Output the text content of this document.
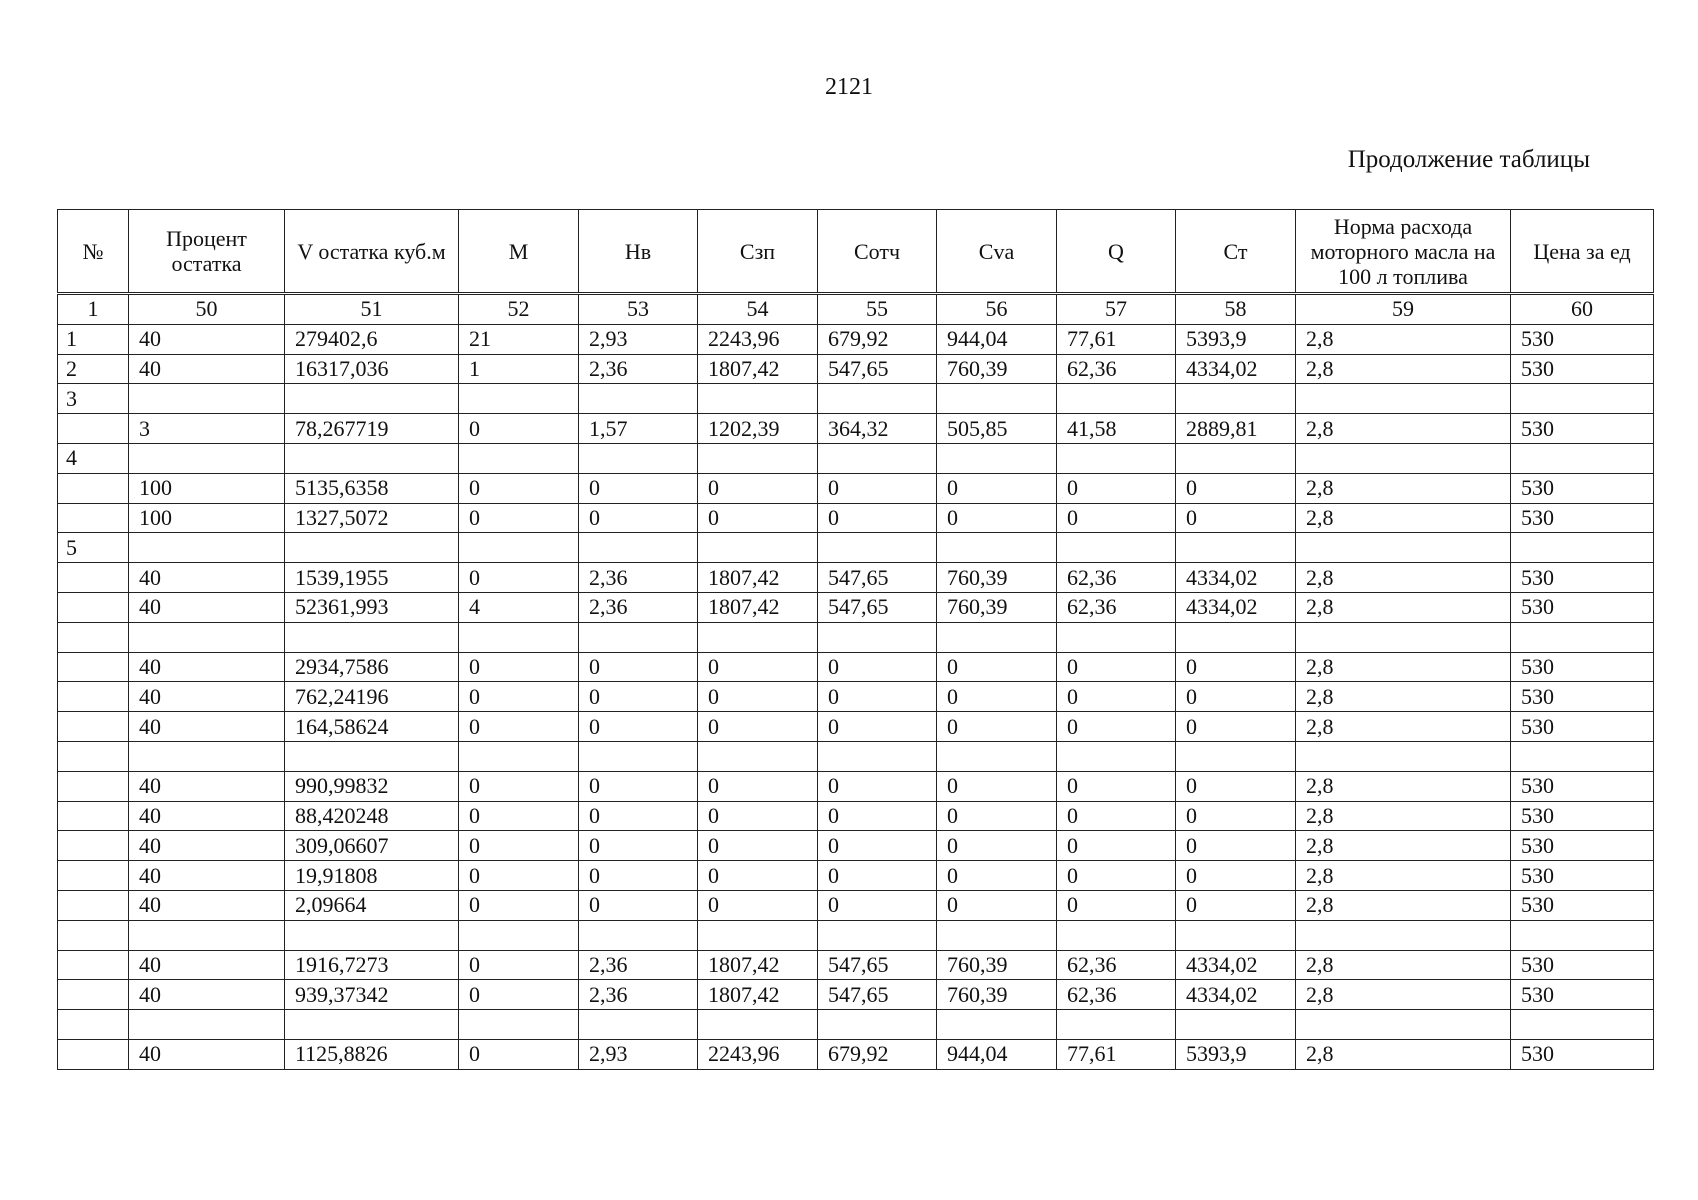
2121
Продолжение таблицы
№	Процент остатка	V остатка куб.м	М	Нв	Сзп	Сотч	Сvа	Q	Ст	Норма расхода моторного масла на 100 л топлива	Цена за ед
1	50	51	52	53	54	55	56	57	58	59	60
1	40	279402,6	21	2,93	2243,96	679,92	944,04	77,61	5393,9	2,8	530
2	40	16317,036	1	2,36	1807,42	547,65	760,39	62,36	4334,02	2,8	530
3											
	3	78,267719	0	1,57	1202,39	364,32	505,85	41,58	2889,81	2,8	530
4											
	100	5135,6358	0	0	0	0	0	0	0	2,8	530
	100	1327,5072	0	0	0	0	0	0	0	2,8	530
5											
	40	1539,1955	0	2,36	1807,42	547,65	760,39	62,36	4334,02	2,8	530
	40	52361,993	4	2,36	1807,42	547,65	760,39	62,36	4334,02	2,8	530

	40	2934,7586	0	0	0	0	0	0	0	2,8	530
	40	762,24196	0	0	0	0	0	0	0	2,8	530
	40	164,58624	0	0	0	0	0	0	0	2,8	530

	40	990,99832	0	0	0	0	0	0	0	2,8	530
	40	88,420248	0	0	0	0	0	0	0	2,8	530
	40	309,06607	0	0	0	0	0	0	0	2,8	530
	40	19,91808	0	0	0	0	0	0	0	2,8	530
	40	2,09664	0	0	0	0	0	0	0	2,8	530

	40	1916,7273	0	2,36	1807,42	547,65	760,39	62,36	4334,02	2,8	530
	40	939,37342	0	2,36	1807,42	547,65	760,39	62,36	4334,02	2,8	530

	40	1125,8826	0	2,93	2243,96	679,92	944,04	77,61	5393,9	2,8	530
